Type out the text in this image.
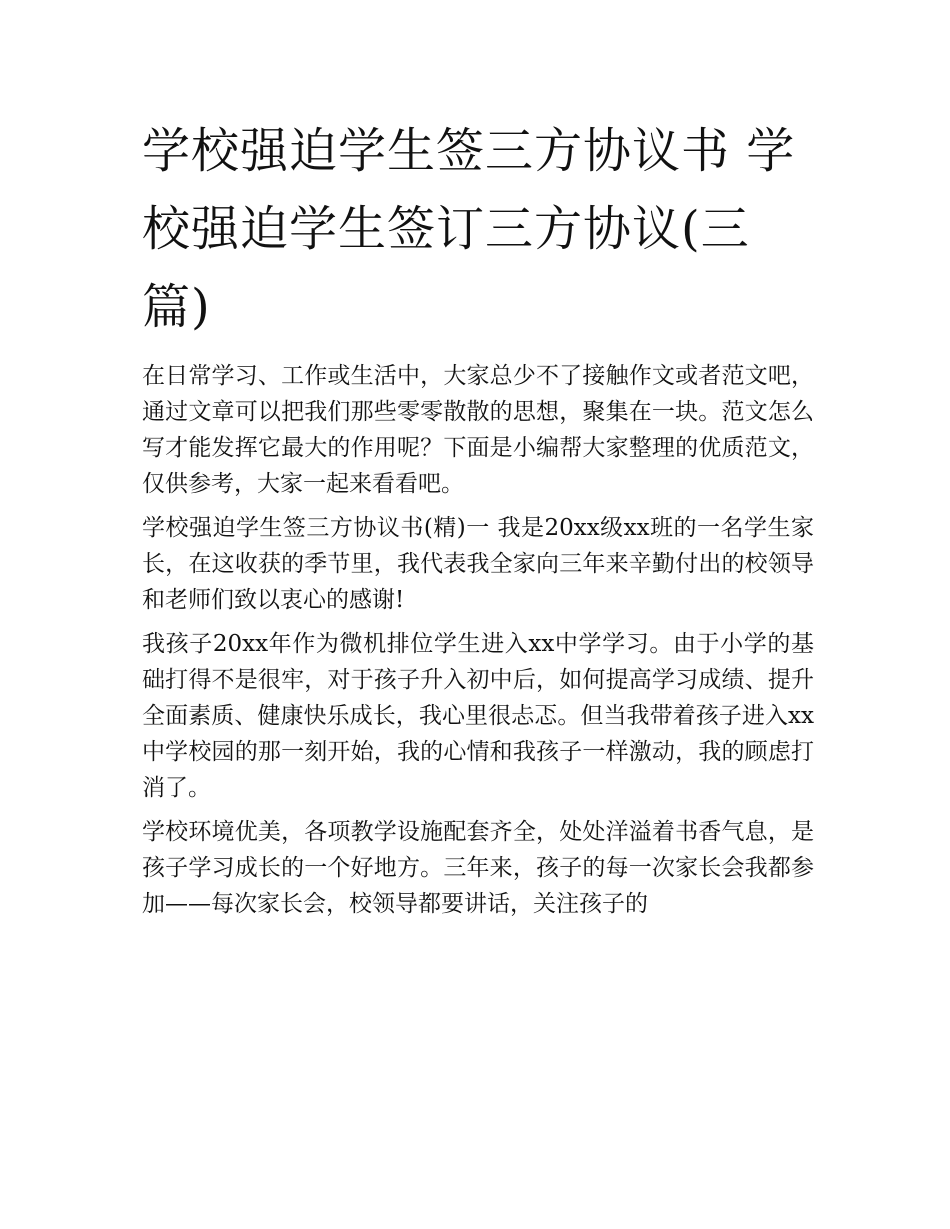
学校强迫学生签三方协议书 学校强迫学生签订三方协议(三篇)

在日常学习、工作或生活中，大家总少不了接触作文或者范文吧，通过文章可以把我们那些零零散散的思想，聚集在一块。范文怎么写才能发挥它最大的作用呢？下面是小编帮大家整理的优质范文，仅供参考，大家一起来看看吧。

学校强迫学生签三方协议书(精)一 我是20xx级xx班的一名学生家长，在这收获的季节里，我代表我全家向三年来辛勤付出的校领导和老师们致以衷心的感谢!

我孩子20xx年作为微机排位学生进入xx中学学习。由于小学的基础打得不是很牢，对于孩子升入初中后，如何提高学习成绩、提升全面素质、健康快乐成长，我心里很忐忑。但当我带着孩子进入xx中学校园的那一刻开始，我的心情和我孩子一样激动，我的顾虑打消了。

学校环境优美，各项教学设施配套齐全，处处洋溢着书香气息，是孩子学习成长的一个好地方。三年来，孩子的每一次家长会我都参加——每次家长会，校领导都要讲话，关注孩子的
